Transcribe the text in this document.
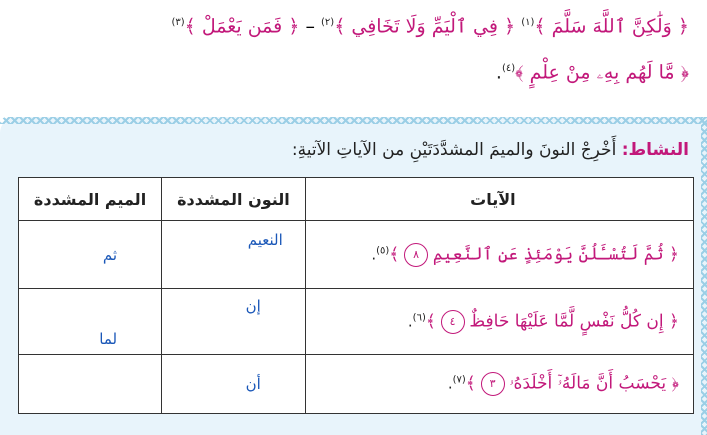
﴿ وَلَٰكِنَّ ٱللَّهَ سَلَّمَ ﴾$^{(١)}$ ﴿ فِي ٱلْيَمِّ وَلَا تَخَافِي ﴾$^{(٢)}$ – ﴿ فَمَن يَعْمَلْ ﴾$^{(٣)}$
﴿ مَّا لَهُم بِهِۦ مِنْ عِلْمٍ ﴾$^{(٤)}$.
النشاط: أَخْرِجْ النونَ والميمَ المشدَّدَتَيْنِ من الآياتِ الآتيةِ:
الآيات	النون المشددة	الميم المشددة
﴿ ثُمَّ لَتُسْـَٔلُنَّ يَوْمَئِذٍ عَنِ ٱلنَّعِيمِ ٨ ﴾$^{(٥)}$.	النعيم	ثم
﴿ إِن كُلُّ نَفْسٍ لَّمَّا عَلَيْهَا حَافِظٌ ٤ ﴾$^{(٦)}$.	إن	لما
﴿ يَحْسَبُ أَنَّ مَالَهُۥٓ أَخْلَدَهُۥ ٣ ﴾$^{(٧)}$.	أن	
